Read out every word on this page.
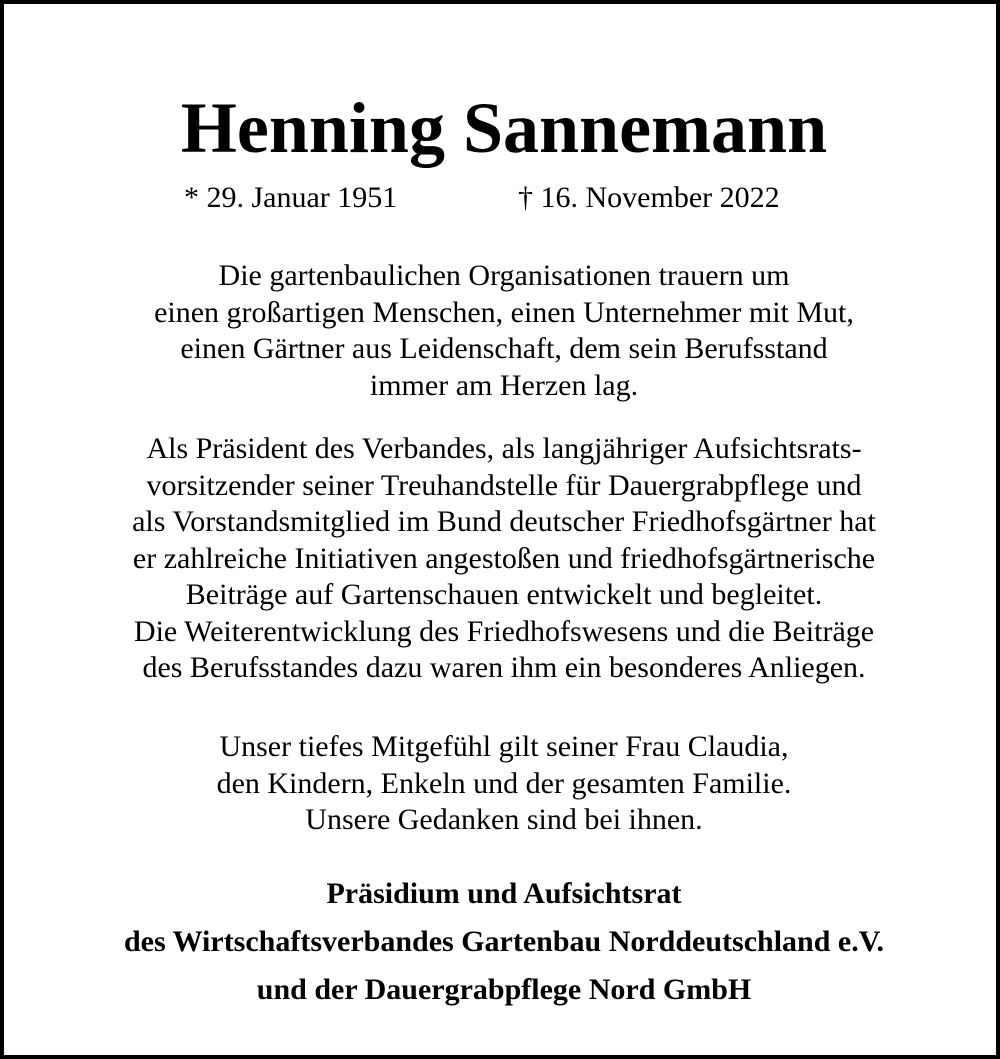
Henning Sannemann
* 29. Januar 1951	† 16. November 2022
Die gartenbaulichen Organisationen trauern um
einen großartigen Menschen, einen Unternehmer mit Mut,
einen Gärtner aus Leidenschaft, dem sein Berufsstand
immer am Herzen lag.
Als Präsident des Verbandes, als langjähriger Aufsichtsrats-
vorsitzender seiner Treuhandstelle für Dauergrabpflege und
als Vorstandsmitglied im Bund deutscher Friedhofsgärtner hat
er zahlreiche Initiativen angestoßen und friedhofsgärtnerische
Beiträge auf Gartenschauen entwickelt und begleitet.
Die Weiterentwicklung des Friedhofswesens und die Beiträge
des Berufsstandes dazu waren ihm ein besonderes Anliegen.
Unser tiefes Mitgefühl gilt seiner Frau Claudia,
den Kindern, Enkeln und der gesamten Familie.
Unsere Gedanken sind bei ihnen.
Präsidium und Aufsichtsrat
des Wirtschaftsverbandes Gartenbau Norddeutschland e.V.
und der Dauergrabpflege Nord GmbH
